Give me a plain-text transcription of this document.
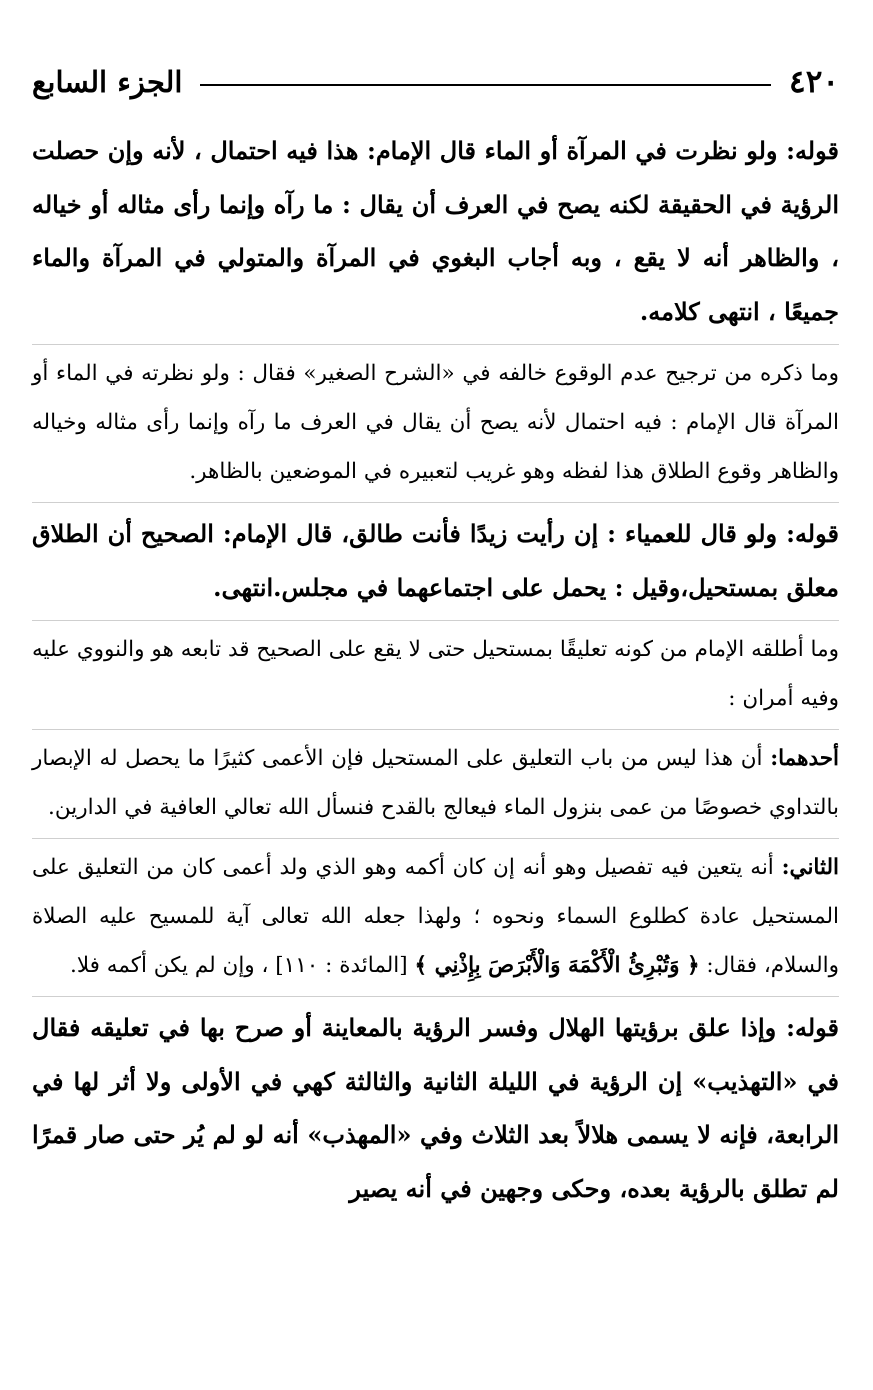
٤٢٠
الجزء السابع

قوله: ولو نظرت في المرآة أو الماء قال الإمام: هذا فيه احتمال ، لأنه وإن حصلت الرؤية في الحقيقة لكنه يصح في العرف أن يقال : ما رآه وإنما رأى مثاله أو خياله ، والظاهر أنه لا يقع ، وبه أجاب البغوي في المرآة والمتولي في المرآة والماء جميعًا ، انتهى كلامه.

وما ذكره من ترجيح عدم الوقوع خالفه في «الشرح الصغير» فقال : ولو نظرته في الماء أو المرآة قال الإمام : فيه احتمال لأنه يصح أن يقال في العرف ما رآه وإنما رأى مثاله وخياله والظاهر وقوع الطلاق هذا لفظه وهو غريب لتعبيره في الموضعين بالظاهر.

قوله: ولو قال للعمياء : إن رأيت زيدًا فأنت طالق، قال الإمام: الصحيح أن الطلاق معلق بمستحيل،وقيل : يحمل على اجتماعهما في مجلس.انتهى.

وما أطلقه الإمام من كونه تعليقًا بمستحيل حتى لا يقع على الصحيح قد تابعه هو والنووي عليه وفيه أمران :

أحدهما: أن هذا ليس من باب التعليق على المستحيل فإن الأعمى كثيرًا ما يحصل له الإبصار بالتداوي خصوصًا من عمى بنزول الماء فيعالج بالقدح فنسأل الله تعالي العافية في الدارين.

الثاني: أنه يتعين فيه تفصيل وهو أنه إن كان أكمه وهو الذي ولد أعمى كان من التعليق على المستحيل عادة كطلوع السماء ونحوه ؛ ولهذا جعله الله تعالى آية للمسيح عليه الصلاة والسلام، فقال: ﴿ وَتُبْرِئُ الْأَكْمَهَ وَالْأَبْرَصَ بِإِذْنِي ﴾ [المائدة : ١١٠] ، وإن لم يكن أكمه فلا.

قوله: وإذا علق برؤيتها الهلال وفسر الرؤية بالمعاينة أو صرح بها في تعليقه فقال في «التهذيب» إن الرؤية في الليلة الثانية والثالثة كهي في الأولى ولا أثر لها في الرابعة، فإنه لا يسمى هلالاً بعد الثلاث وفي «المهذب» أنه لو لم يُر حتى صار قمرًا لم تطلق بالرؤية بعده، وحكى وجهين في أنه يصير
